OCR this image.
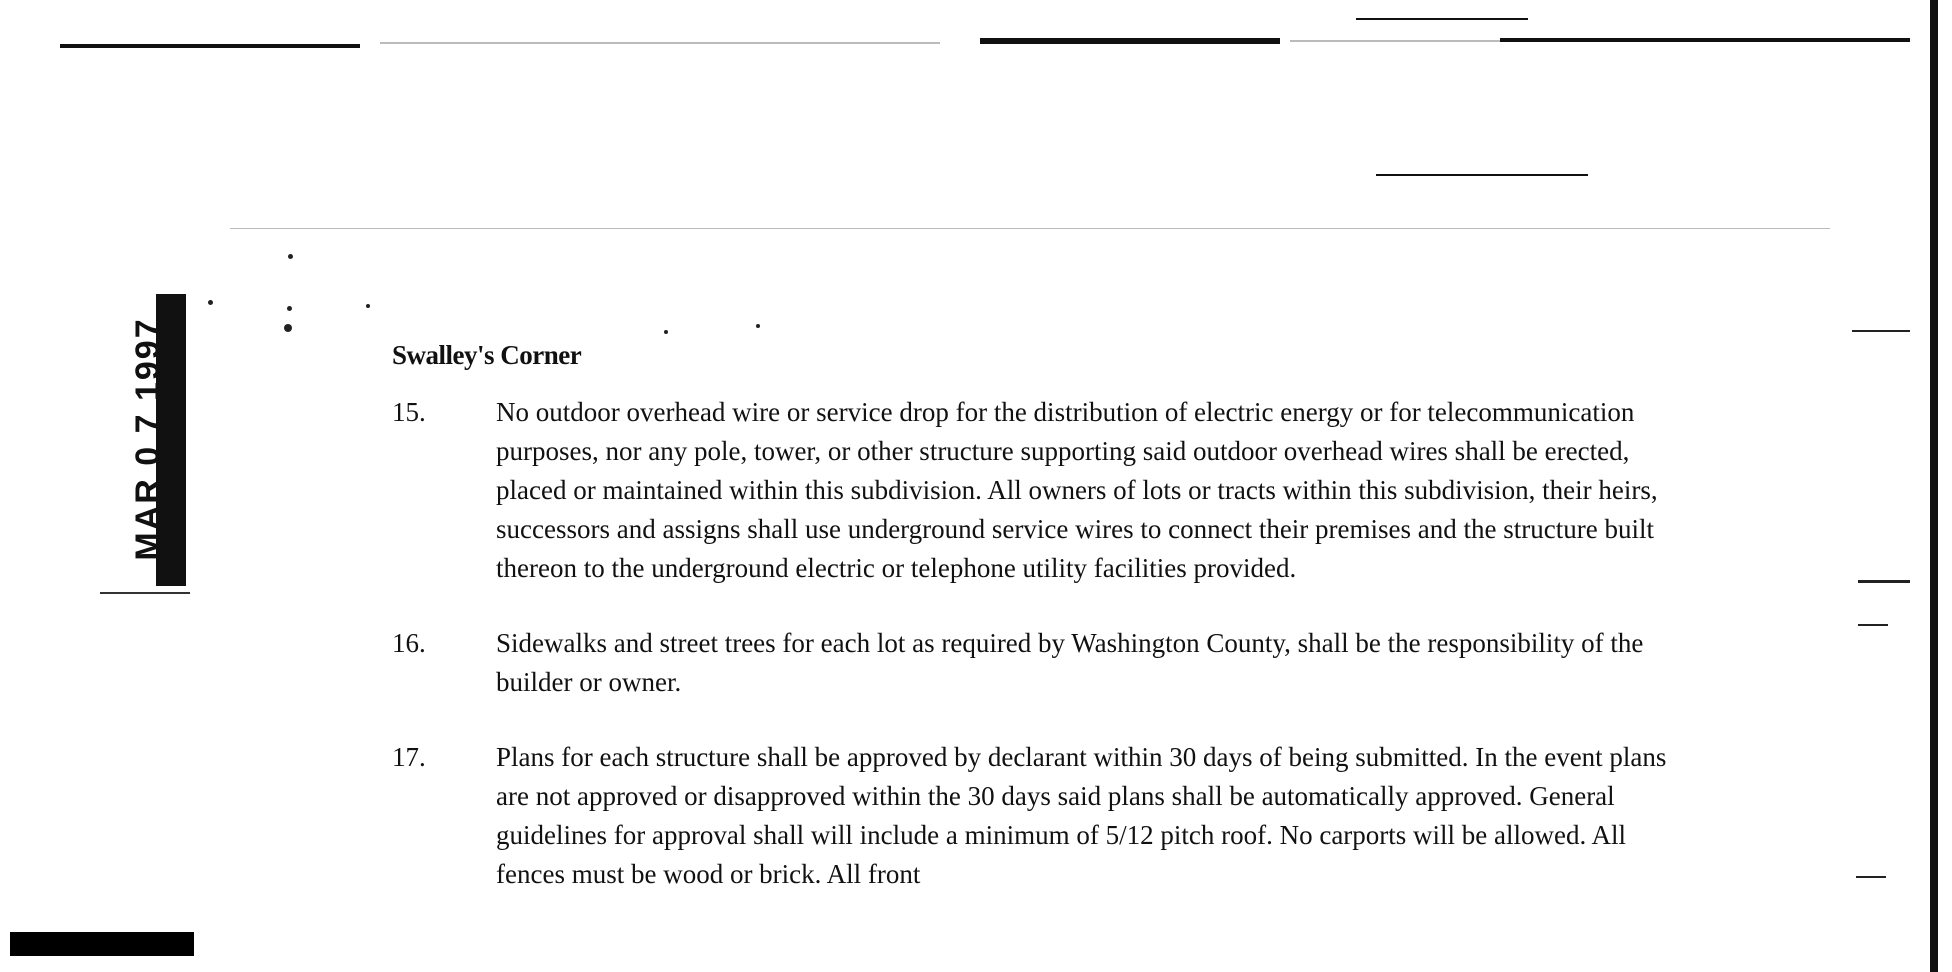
MAR 0 7 1997	Swalley's Corner
15.	No outdoor overhead wire or service drop for the distribution of electric energy or for telecommunication purposes, nor any pole, tower, or other structure supporting said outdoor overhead wires shall be erected, placed or maintained within this subdivision. All owners of lots or tracts within this subdivision, their heirs, successors and assigns shall use underground service wires to connect their premises and the structure built thereon to the underground electric or telephone utility facilities provided.
16.	Sidewalks and street trees for each lot as required by Washington County, shall be the responsibility of the builder or owner.
17.	Plans for each structure shall be approved by declarant within 30 days of being submitted. In the event plans are not approved or disapproved within the 30 days said plans shall be automatically approved. General guidelines for approval shall will include a minimum of 5/12 pitch roof. No carports will be allowed. All fences must be wood or brick. All front
